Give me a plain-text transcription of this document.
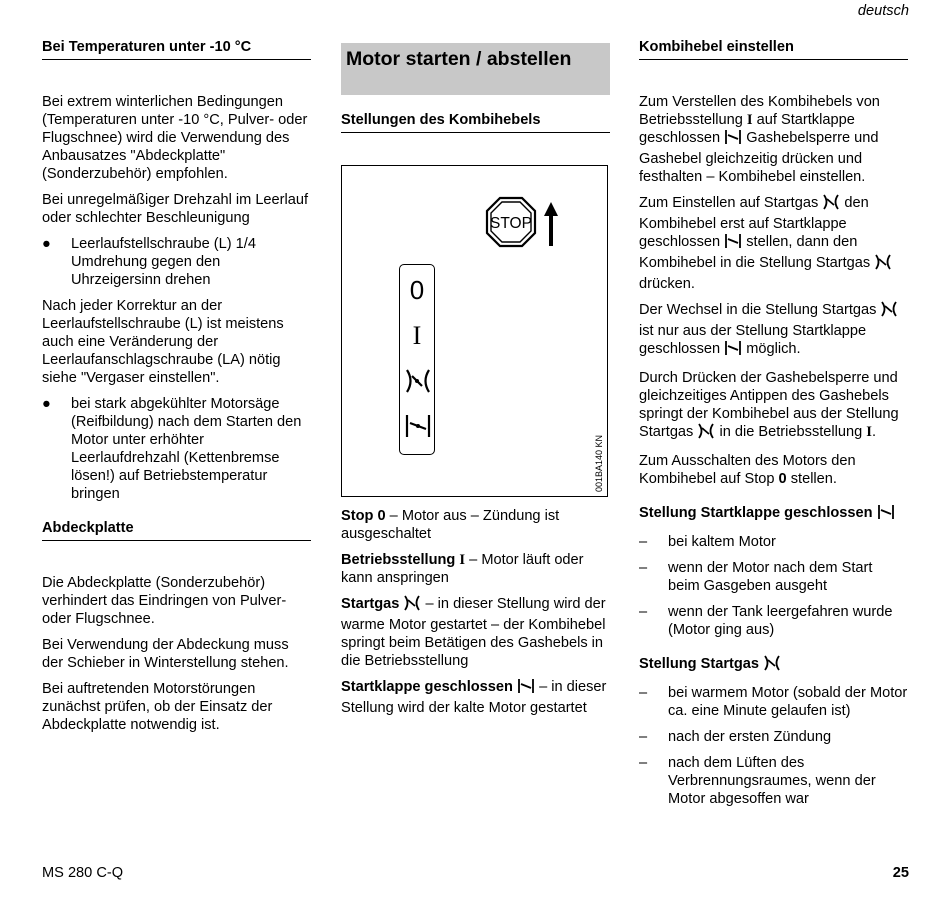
deutsch
Bei Temperaturen unter -10 °C

Bei extrem winterlichen Bedingungen (Temperaturen unter -10 °C, Pulver- oder Flugschnee) wird die Verwendung des Anbausatzes "Abdeckplatte" (Sonderzubehör) empfohlen.

Bei unregelmäßiger Drehzahl im Leerlauf oder schlechter Beschleunigung

● Leerlaufstellschraube (L) 1/4 Umdrehung gegen den Uhrzeigersinn drehen

Nach jeder Korrektur an der Leerlaufstellschraube (L) ist meistens auch eine Veränderung der Leerlaufanschlagschraube (LA) nötig siehe "Vergaser einstellen".

● bei stark abgekühlter Motorsäge (Reifbildung) nach dem Starten den Motor unter erhöhter Leerlaufdrehzahl (Kettenbremse lösen!) auf Betriebstemperatur bringen
Abdeckplatte

Die Abdeckplatte (Sonderzubehör) verhindert das Eindringen von Pulver- oder Flugschnee.

Bei Verwendung der Abdeckung muss der Schieber in Winterstellung stehen.

Bei auftretenden Motorstörungen zunächst prüfen, ob der Einsatz der Abdeckplatte notwendig ist.

Motor starten / abstellen
Stellungen des Kombihebels
STOP
0
I
001BA140 KN

Stop 0 – Motor aus – Zündung ist ausgeschaltet

Betriebsstellung I – Motor läuft oder kann anspringen

Startgas  – in dieser Stellung wird der warme Motor gestartet – der Kombihebel springt beim Betätigen des Gashebels in die Betriebsstellung

Startklappe geschlossen  – in dieser Stellung wird der kalte Motor gestartet

Kombihebel einstellen

Zum Verstellen des Kombihebels von Betriebsstellung I auf Startklappe geschlossen  Gashebelsperre und Gashebel gleichzeitig drücken und festhalten – Kombihebel einstellen.

Zum Einstellen auf Startgas  den Kombihebel erst auf Startklappe geschlossen  stellen, dann den Kombihebel in die Stellung Startgas  drücken.

Der Wechsel in die Stellung Startgas  ist nur aus der Stellung Startklappe geschlossen  möglich.

Durch Drücken der Gashebelsperre und gleichzeitiges Antippen des Gashebels springt der Kombihebel aus der Stellung Startgas  in die Betriebsstellung I.

Zum Ausschalten des Motors den Kombihebel auf Stop 0 stellen.

Stellung Startklappe geschlossen

– bei kaltem Motor
– wenn der Motor nach dem Start beim Gasgeben ausgeht
– wenn der Tank leergefahren wurde (Motor ging aus)

Stellung Startgas

– bei warmem Motor (sobald der Motor ca. eine Minute gelaufen ist)
– nach der ersten Zündung
– nach dem Lüften des Verbrennungsraumes, wenn der Motor abgesoffen war
MS 280 C-Q	25
